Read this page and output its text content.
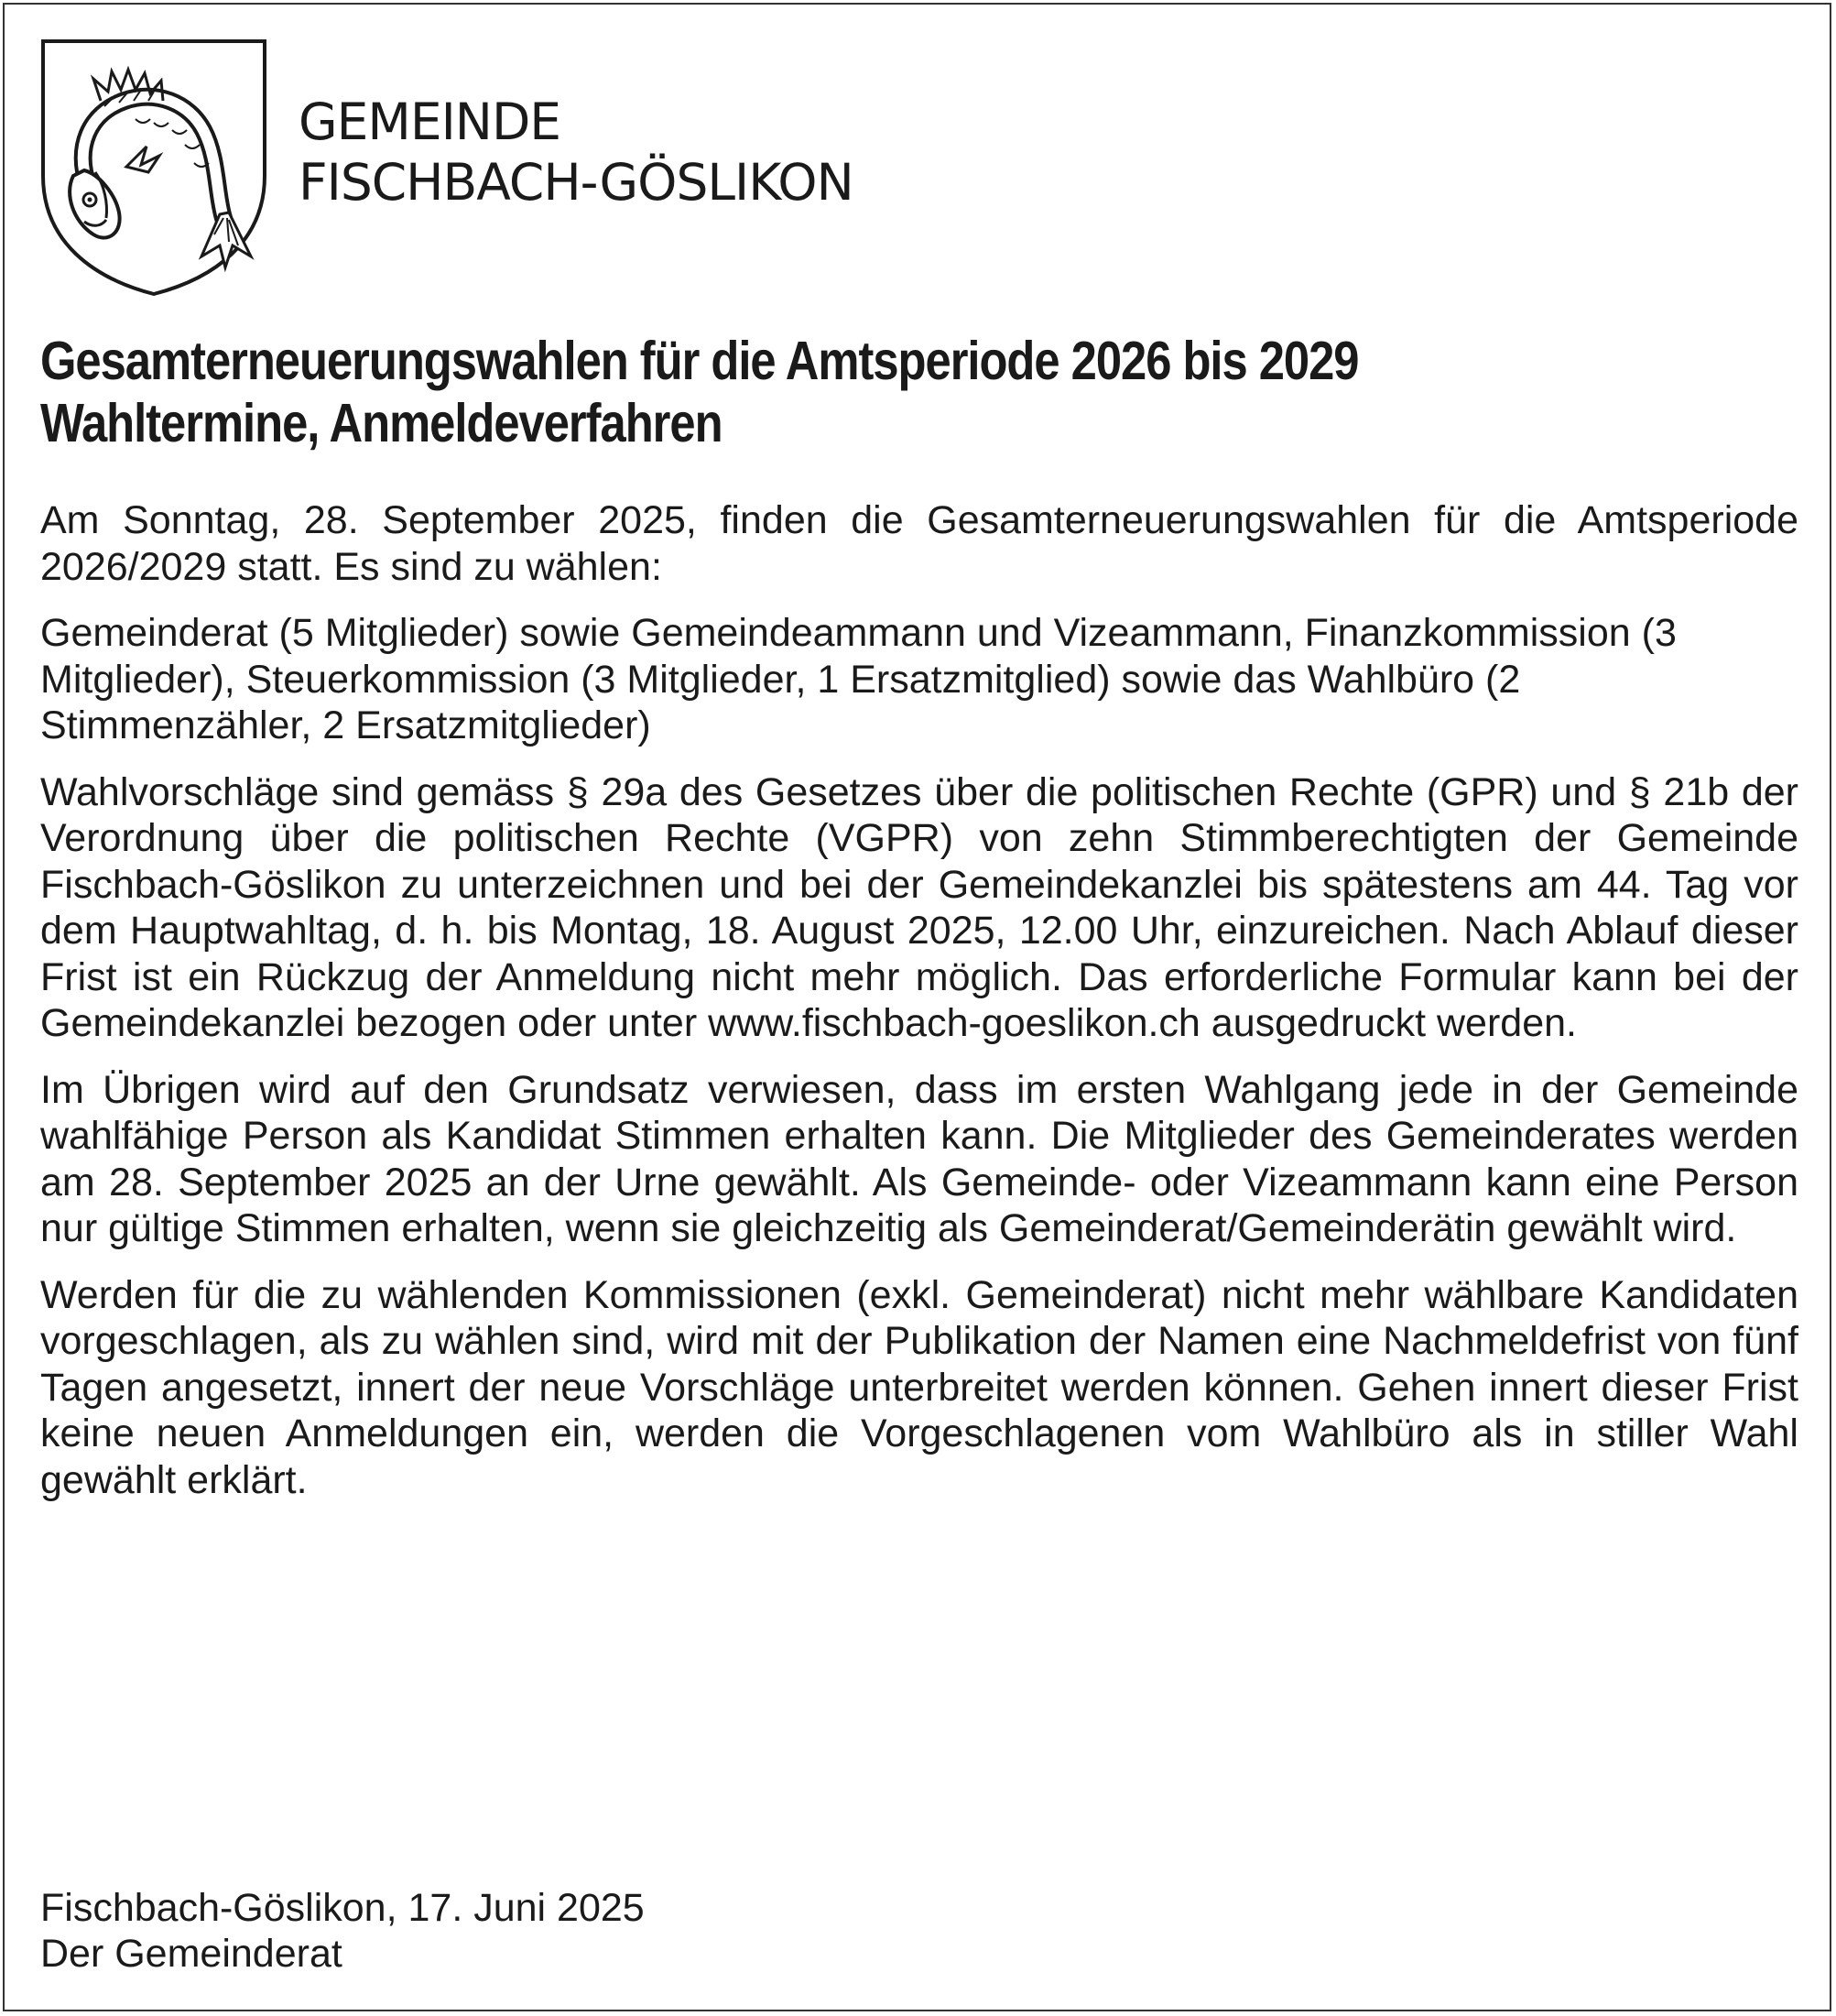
GEMEINDE
FISCHBACH-GÖSLIKON
Gesamterneuerungswahlen für die Amtsperiode 2026 bis 2029
Wahltermine, Anmeldeverfahren

Am Sonntag, 28. September 2025, finden die Gesamterneuerungswahlen für die Amtsperiode 2026/2029 statt. Es sind zu wählen:

Gemeinderat (5 Mitglieder) sowie Gemeindeammann und Vizeammann, Finanzkommission (3 Mitglieder), Steuerkommission (3 Mitglieder, 1 Ersatzmitglied) sowie das Wahlbüro (2 Stimmenzähler, 2 Ersatzmitglieder)

Wahlvorschläge sind gemäss § 29a des Gesetzes über die politischen Rechte (GPR) und § 21b der Verordnung über die politischen Rechte (VGPR) von zehn Stimmberechtigten der Gemeinde Fischbach-Göslikon zu unterzeichnen und bei der Gemeindekanzlei bis spätestens am 44. Tag vor dem Hauptwahltag, d. h. bis Montag, 18. August 2025, 12.00 Uhr, einzureichen. Nach Ablauf dieser Frist ist ein Rückzug der Anmeldung nicht mehr möglich. Das erforderliche Formular kann bei der Gemeindekanzlei bezogen oder unter www.fischbach-goeslikon.ch ausgedruckt werden.

Im Übrigen wird auf den Grundsatz verwiesen, dass im ersten Wahlgang jede in der Gemeinde wahlfähige Person als Kandidat Stimmen erhalten kann. Die Mitglieder des Gemeinderates werden am 28. September 2025 an der Urne gewählt. Als Gemeinde- oder Vizeammann kann eine Person nur gültige Stimmen erhalten, wenn sie gleichzeitig als Gemeinderat/Gemeinderätin gewählt wird.

Werden für die zu wählenden Kommissionen (exkl. Gemeinderat) nicht mehr wählbare Kandidaten vorgeschlagen, als zu wählen sind, wird mit der Publikation der Namen eine Nachmeldefrist von fünf Tagen angesetzt, innert der neue Vorschläge unterbreitet werden können. Gehen innert dieser Frist keine neuen Anmeldungen ein, werden die Vorgeschlagenen vom Wahlbüro als in stiller Wahl gewählt erklärt.

Fischbach-Göslikon, 17. Juni 2025
Der Gemeinderat
